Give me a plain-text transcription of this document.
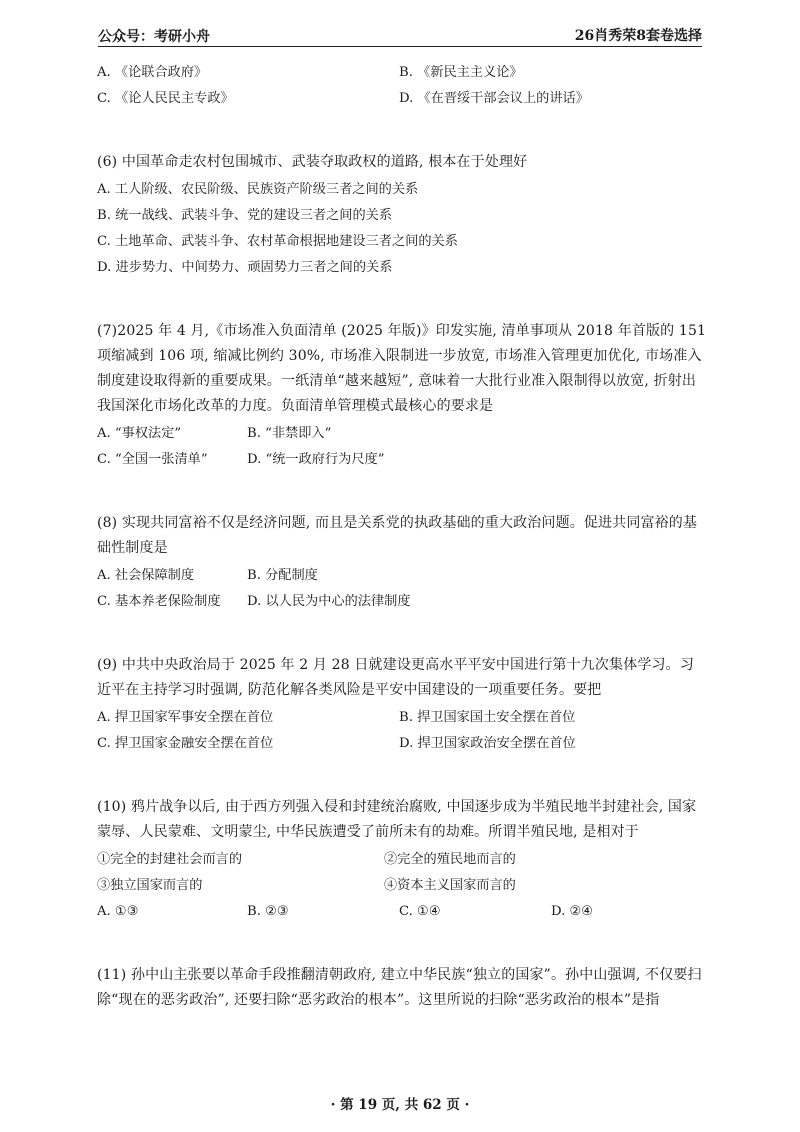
公众号：考研小舟	26肖秀荣8套卷选择
A. 《论联合政府》	B. 《新民主主义论》
C. 《论人民民主专政》	D. 《在晋绥干部会议上的讲话》

(6) 中国革命走农村包围城市、武装夺取政权的道路, 根本在于处理好

A. 工人阶级、农民阶级、民族资产阶级三者之间的关系
B. 统一战线、武装斗争、党的建设三者之间的关系
C. 土地革命、武装斗争、农村革命根据地建设三者之间的关系
D. 进步势力、中间势力、顽固势力三者之间的关系

(7)2025 年 4 月,《市场准入负面清单 (2025 年版)》印发实施, 清单事项从 2018 年首版的 151 项缩减到 106 项, 缩减比例约 30%, 市场准入限制进一步放宽, 市场准入管理更加优化, 市场准入制度建设取得新的重要成果。一纸清单“越来越短”, 意味着一大批行业准入限制得以放宽, 折射出我国深化市场化改革的力度。负面清单管理模式最核心的要求是

A. “事权法定”	B. “非禁即入”
C. “全国一张清单”	D. “统一政府行为尺度”

(8) 实现共同富裕不仅是经济问题, 而且是关系党的执政基础的重大政治问题。促进共同富裕的基础性制度是

A. 社会保障制度	B. 分配制度
C. 基本养老保险制度 D. 以人民为中心的法律制度

(9) 中共中央政治局于 2025 年 2 月 28 日就建设更高水平平安中国进行第十九次集体学习。习近平在主持学习时强调, 防范化解各类风险是平安中国建设的一项重要任务。要把

A. 捍卫国家军事安全摆在首位	B. 捍卫国家国土安全摆在首位
C. 捍卫国家金融安全摆在首位	D. 捍卫国家政治安全摆在首位

(10) 鸦片战争以后, 由于西方列强入侵和封建统治腐败, 中国逐步成为半殖民地半封建社会, 国家蒙辱、人民蒙难、文明蒙尘, 中华民族遭受了前所未有的劫难。所谓半殖民地, 是相对于

①完全的封建社会而言的	②完全的殖民地而言的
③独立国家而言的	④资本主义国家而言的
A. ①③	B. ②③	C. ①④	D. ②④

(11) 孙中山主张要以革命手段推翻清朝政府, 建立中华民族“独立的国家”。孙中山强调, 不仅要扫除“现在的恶劣政治”, 还要扫除“恶劣政治的根本”。这里所说的扫除“恶劣政治的根本”是指

· 第 19 页, 共 62 页 ·
